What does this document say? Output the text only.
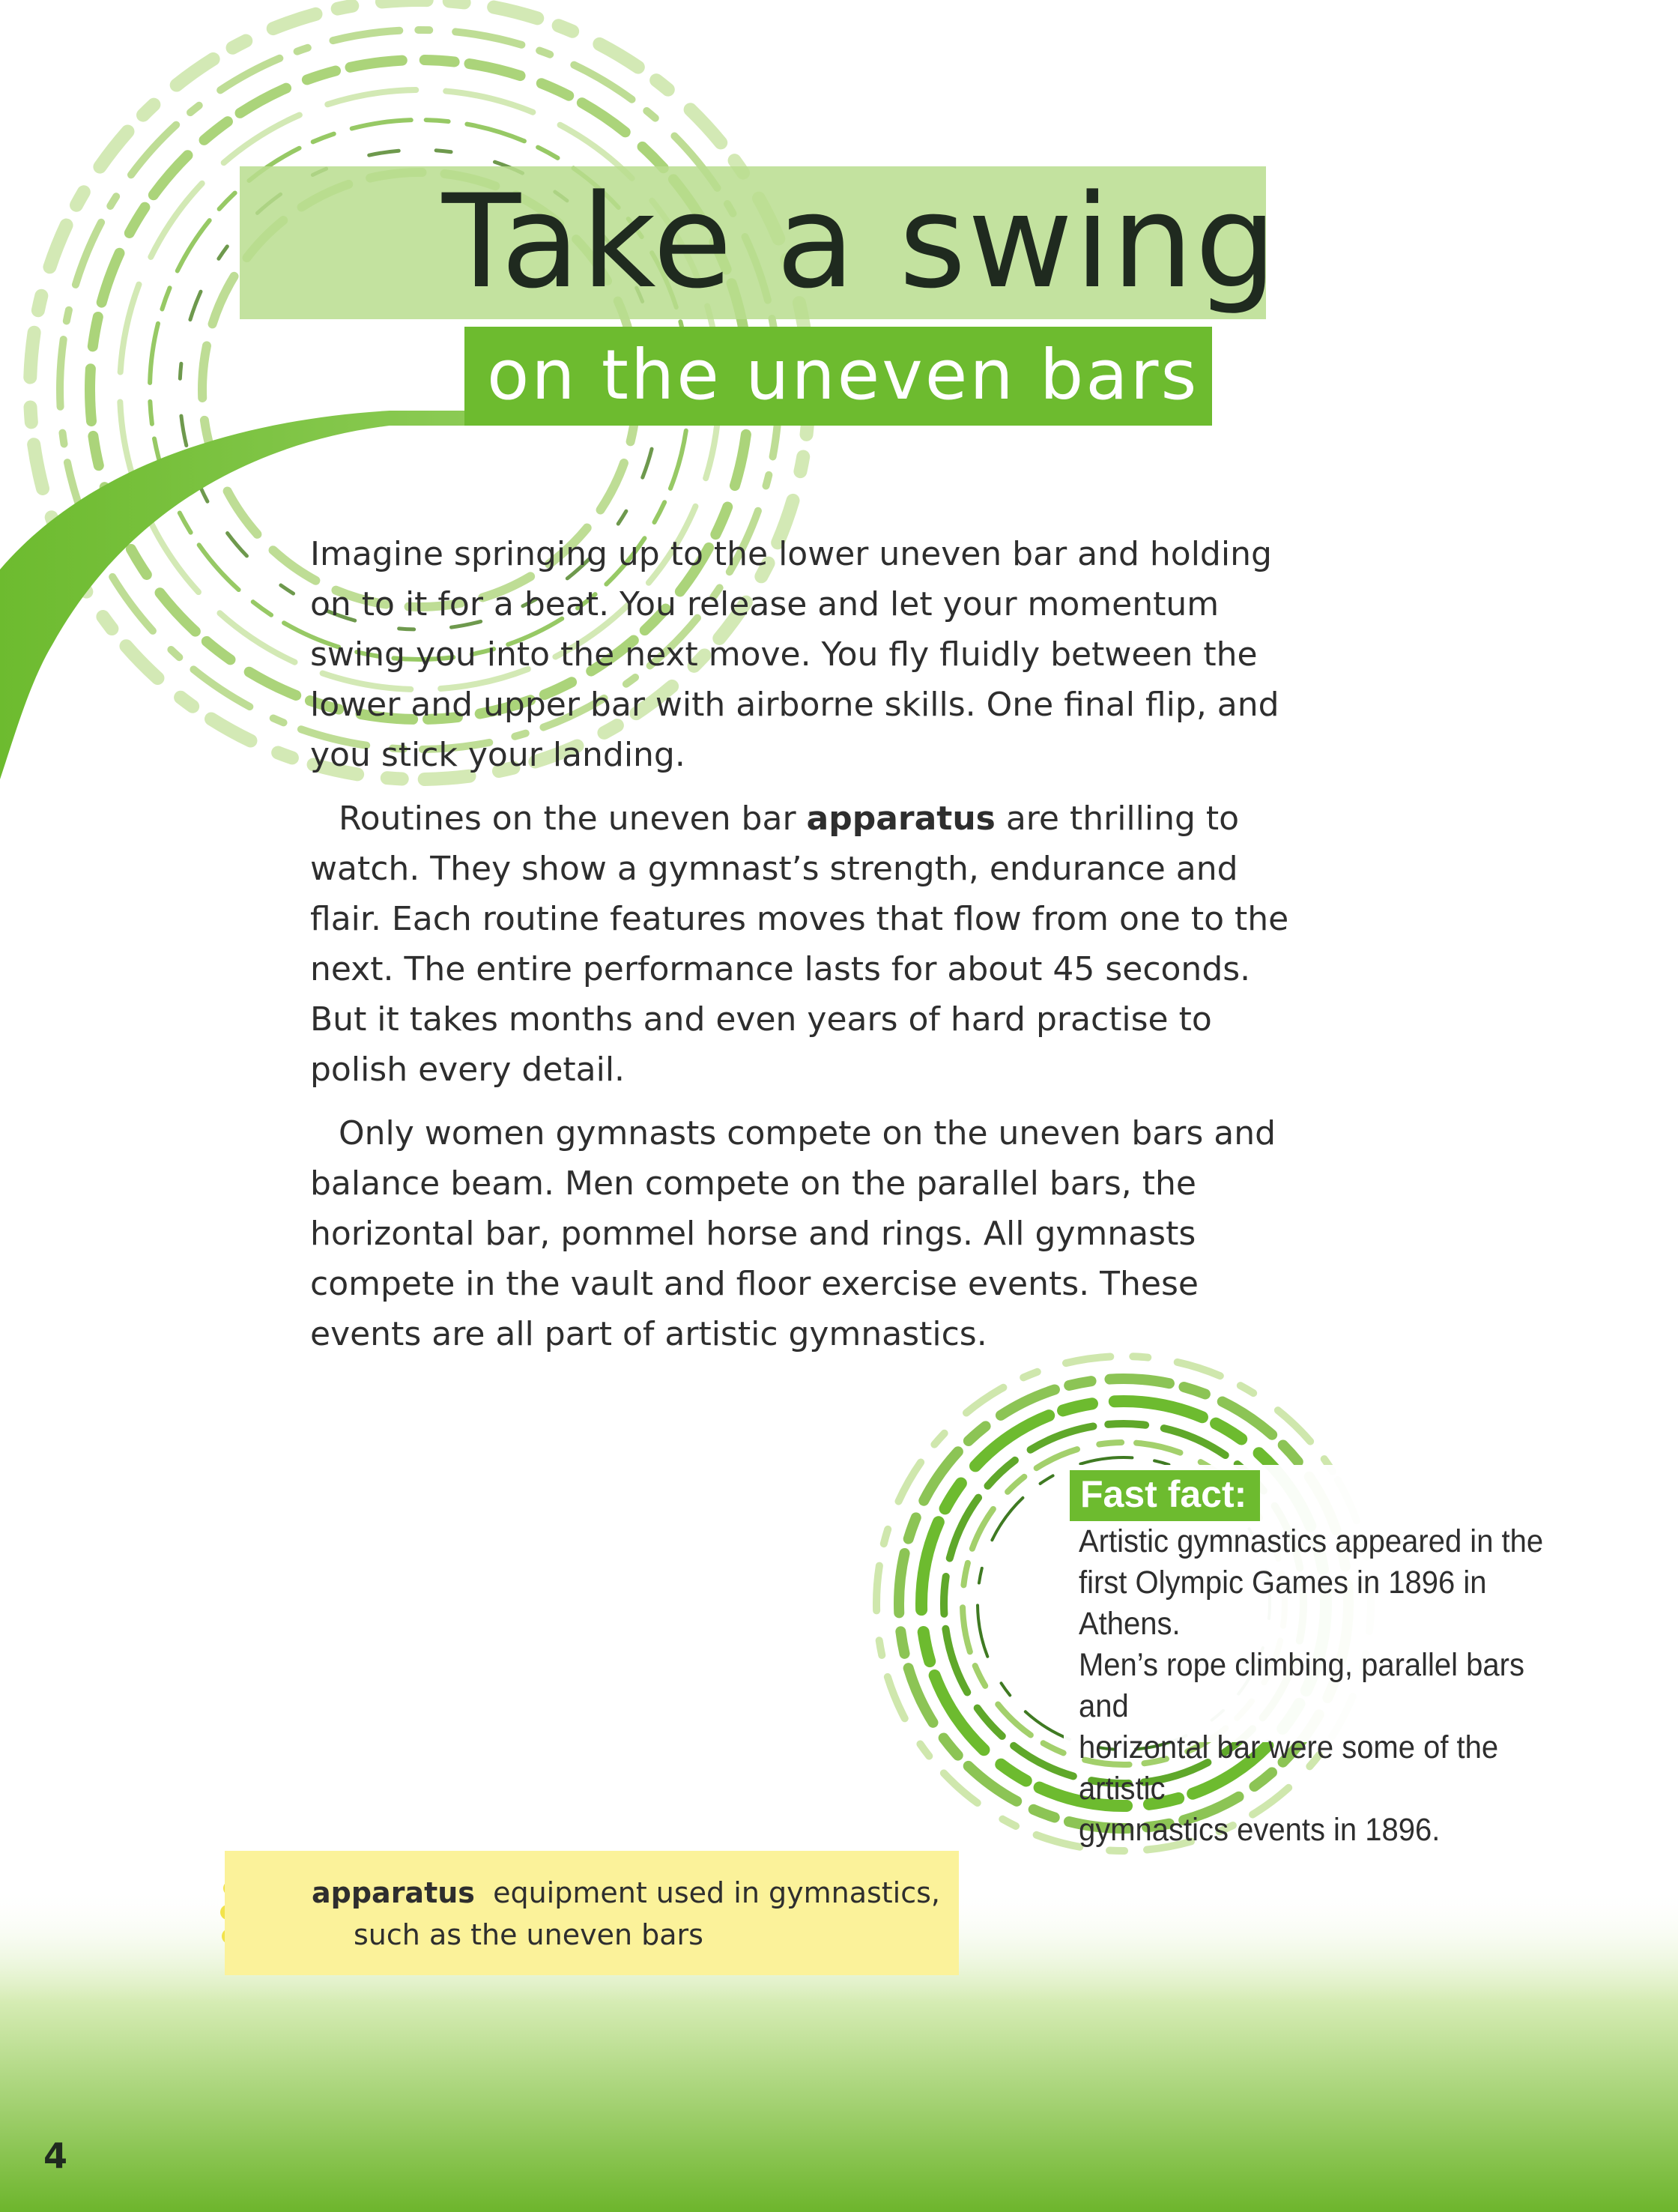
Take a swing
on the uneven bars

Imagine springing up to the lower uneven bar and holding on to it for a beat. You release and let your momentum swing you into the next move. You fly fluidly between the lower and upper bar with airborne skills. One final flip, and you stick your landing.

Routines on the uneven bar apparatus are thrilling to watch. They show a gymnast’s strength, endurance and flair. Each routine features moves that flow from one to the next. The entire performance lasts for about 45 seconds. But it takes months and even years of hard practise to polish every detail.

Only women gymnasts compete on the uneven bars and balance beam. Men compete on the parallel bars, the horizontal bar, pommel horse and rings. All gymnasts compete in the vault and floor exercise events. These events are all part of artistic gymnastics.

Fast fact:
Artistic gymnastics appeared in the
first Olympic Games in 1896 in Athens.
Men’s rope climbing, parallel bars and
horizontal bar were some of the artistic
gymnastics events in 1896.
apparatus equipment used in gymnastics,
such as the uneven bars
4
